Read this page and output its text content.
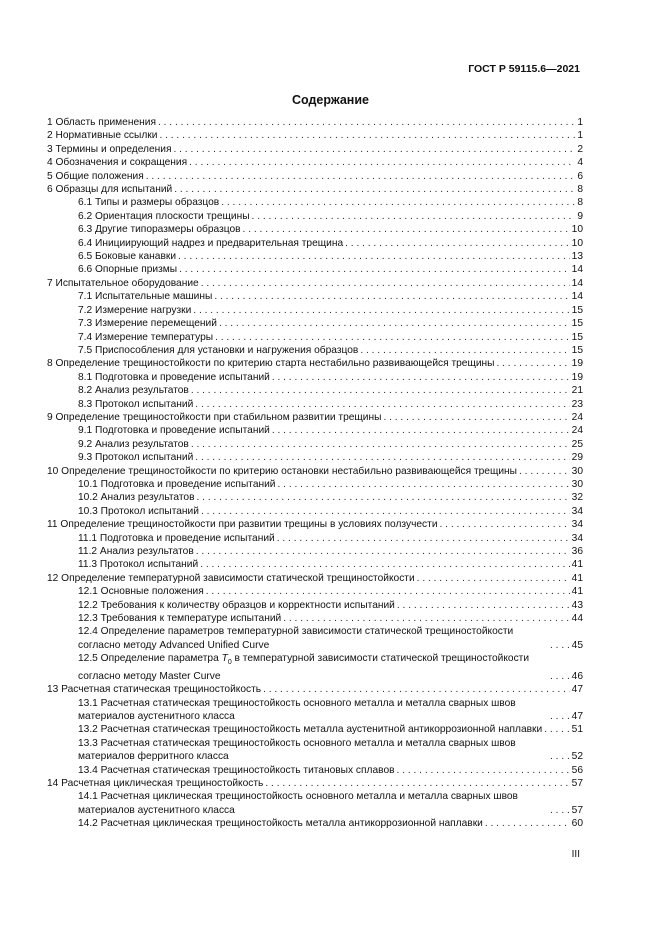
ГОСТ Р 59115.6—2021
Содержание
1 Область применения . . .	1
2 Нормативные ссылки . . .	1
3 Термины и определения . . .	2
4 Обозначения и сокращения . . .	4
5 Общие положения . . .	6
6 Образцы для испытаний . . .	8
6.1 Типы и размеры образцов . . .	8
6.2 Ориентация плоскости трещины . . .	9
6.3 Другие типоразмеры образцов . . .	10
6.4 Инициирующий надрез и предварительная трещина . . .	10
6.5 Боковые канавки . . .	13
6.6 Опорные призмы . . .	14
7 Испытательное оборудование . . .	14
7.1 Испытательные машины . . .	14
7.2 Измерение нагрузки . . .	15
7.3 Измерение перемещений . . .	15
7.4 Измерение температуры . . .	15
7.5 Приспособления для установки и нагружения образцов . . .	15
8 Определение трещиностойкости по критерию старта нестабильно развивающейся трещины . . .	19
8.1 Подготовка и проведение испытаний . . .	19
8.2 Анализ результатов . . .	21
8.3 Протокол испытаний . . .	23
9 Определение трещиностойкости при стабильном развитии трещины . . .	24
9.1 Подготовка и проведение испытаний . . .	24
9.2 Анализ результатов . . .	25
9.3 Протокол испытаний . . .	29
10 Определение трещиностойкости по критерию остановки нестабильно развивающейся трещины . . .	30
10.1 Подготовка и проведение испытаний . . .	30
10.2 Анализ результатов . . .	32
10.3 Протокол испытаний . . .	34
11 Определение трещиностойкости при развитии трещины в условиях ползучести . . .	34
11.1 Подготовка и проведение испытаний . . .	34
11.2 Анализ результатов . . .	36
11.3 Протокол испытаний . . .	41
12 Определение температурной зависимости статической трещиностойкости . . .	41
12.1 Основные положения . . .	41
12.2 Требования к количеству образцов и корректности испытаний . . .	43
12.3 Требования к температуре испытаний . . .	44
12.4 Определение параметров температурной зависимости статической трещиностойкости согласно методу Advanced Unified Curve . . .	45
12.5 Определение параметра $T_0$ в температурной зависимости статической трещиностойкости согласно методу Master Curve . . .	46
13 Расчетная статическая трещиностойкость . . .	47
13.1 Расчетная статическая трещиностойкость основного металла и металла сварных швов материалов аустенитного класса . . .	47
13.2 Расчетная статическая трещиностойкость металла аустенитной антикоррозионной наплавки . . .	51
13.3 Расчетная статическая трещиностойкость основного металла и металла сварных швов материалов ферритного класса . . .	52
13.4 Расчетная статическая трещиностойкость титановых сплавов . . .	56
14 Расчетная циклическая трещиностойкость . . .	57
14.1 Расчетная циклическая трещиностойкость основного металла и металла сварных швов материалов аустенитного класса . . .	57
14.2 Расчетная циклическая трещиностойкость металла антикоррозионной наплавки . . .	60
III
